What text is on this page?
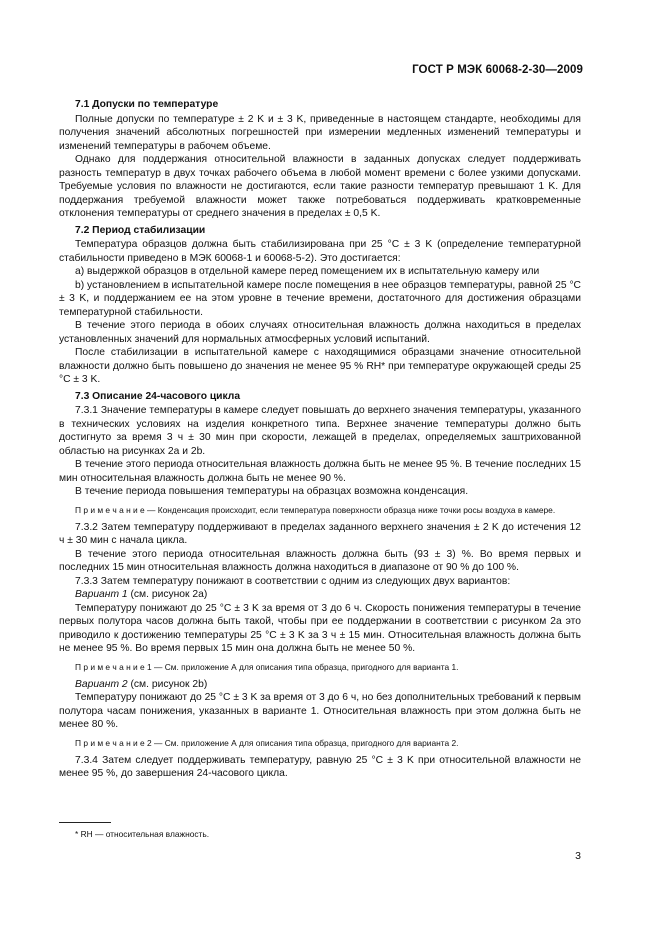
ГОСТ Р МЭК 60068-2-30—2009

7.1 Допуски по температуре

Полные допуски по температуре ± 2 K и ± 3 K, приведенные в настоящем стандарте, необходимы для получения значений абсолютных погрешностей при измерении медленных изменений температуры и изменений температуры в рабочем объеме.

Однако для поддержания относительной влажности в заданных допусках следует поддерживать разность температур в двух точках рабочего объема в любой момент времени с более узкими допусками. Требуемые условия по влажности не достигаются, если такие разности температур превышают 1 K. Для поддержания требуемой влажности может также потребоваться поддерживать кратковременные отклонения температуры от среднего значения в пределах ± 0,5 K.

7.2 Период стабилизации

Температура образцов должна быть стабилизирована при 25 °С ± 3 K (определение температурной стабильности приведено в МЭК 60068-1 и 60068-5-2). Это достигается:

а) выдержкой образцов в отдельной камере перед помещением их в испытательную камеру или

b) установлением в испытательной камере после помещения в нее образцов температуры, равной 25 °С ± 3 K, и поддержанием ее на этом уровне в течение времени, достаточного для достижения образцами температурной стабильности.

В течение этого периода в обоих случаях относительная влажность должна находиться в пределах установленных значений для нормальных атмосферных условий испытаний.

После стабилизации в испытательной камере с находящимися образцами значение относительной влажности должно быть повышено до значения не менее 95 % RH* при температуре окружающей среды 25 °С ± 3 K.

7.3 Описание 24-часового цикла

7.3.1 Значение температуры в камере следует повышать до верхнего значения температуры, указанного в технических условиях на изделия конкретного типа. Верхнее значение температуры должно быть достигнуто за время 3 ч ± 30 мин при скорости, лежащей в пределах, определяемых заштрихованной областью на рисунках 2a и 2b.

В течение этого периода относительная влажность должна быть не менее 95 %. В течение последних 15 мин относительная влажность должна быть не менее 90 %.

В течение периода повышения температуры на образцах возможна конденсация.

П р и м е ч а н и е — Конденсация происходит, если температура поверхности образца ниже точки росы воздуха в камере.

7.3.2 Затем температуру поддерживают в пределах заданного верхнего значения ± 2 K до истечения 12 ч ± 30 мин с начала цикла.

В течение этого периода относительная влажность должна быть (93 ± 3) %. Во время первых и последних 15 мин относительная влажность должна находиться в диапазоне от 90 % до 100 %.

7.3.3 Затем температуру понижают в соответствии с одним из следующих двух вариантов:

Вариант 1 (см. рисунок 2a)

Температуру понижают до 25 °С ± 3 K за время от 3 до 6 ч. Скорость понижения температуры в течение первых полутора часов должна быть такой, чтобы при ее поддержании в соответствии с рисунком 2a это приводило к достижению температуры 25 °С ± 3 K за 3 ч ± 15 мин. Относительная влажность должна быть не менее 95 %. Во время первых 15 мин она должна быть не менее 50 %.

П р и м е ч а н и е 1 — См. приложение А для описания типа образца, пригодного для варианта 1.

Вариант 2 (см. рисунок 2b)

Температуру понижают до 25 °С ± 3 K за время от 3 до 6 ч, но без дополнительных требований к первым полутора часам понижения, указанных в варианте 1. Относительная влажность при этом должна быть не менее 80 %.

П р и м е ч а н и е 2 — См. приложение А для описания типа образца, пригодного для варианта 2.

7.3.4 Затем следует поддерживать температуру, равную 25 °С ± 3 K при относительной влажности не менее 95 %, до завершения 24-часового цикла.

* RH — относительная влажность.
3
